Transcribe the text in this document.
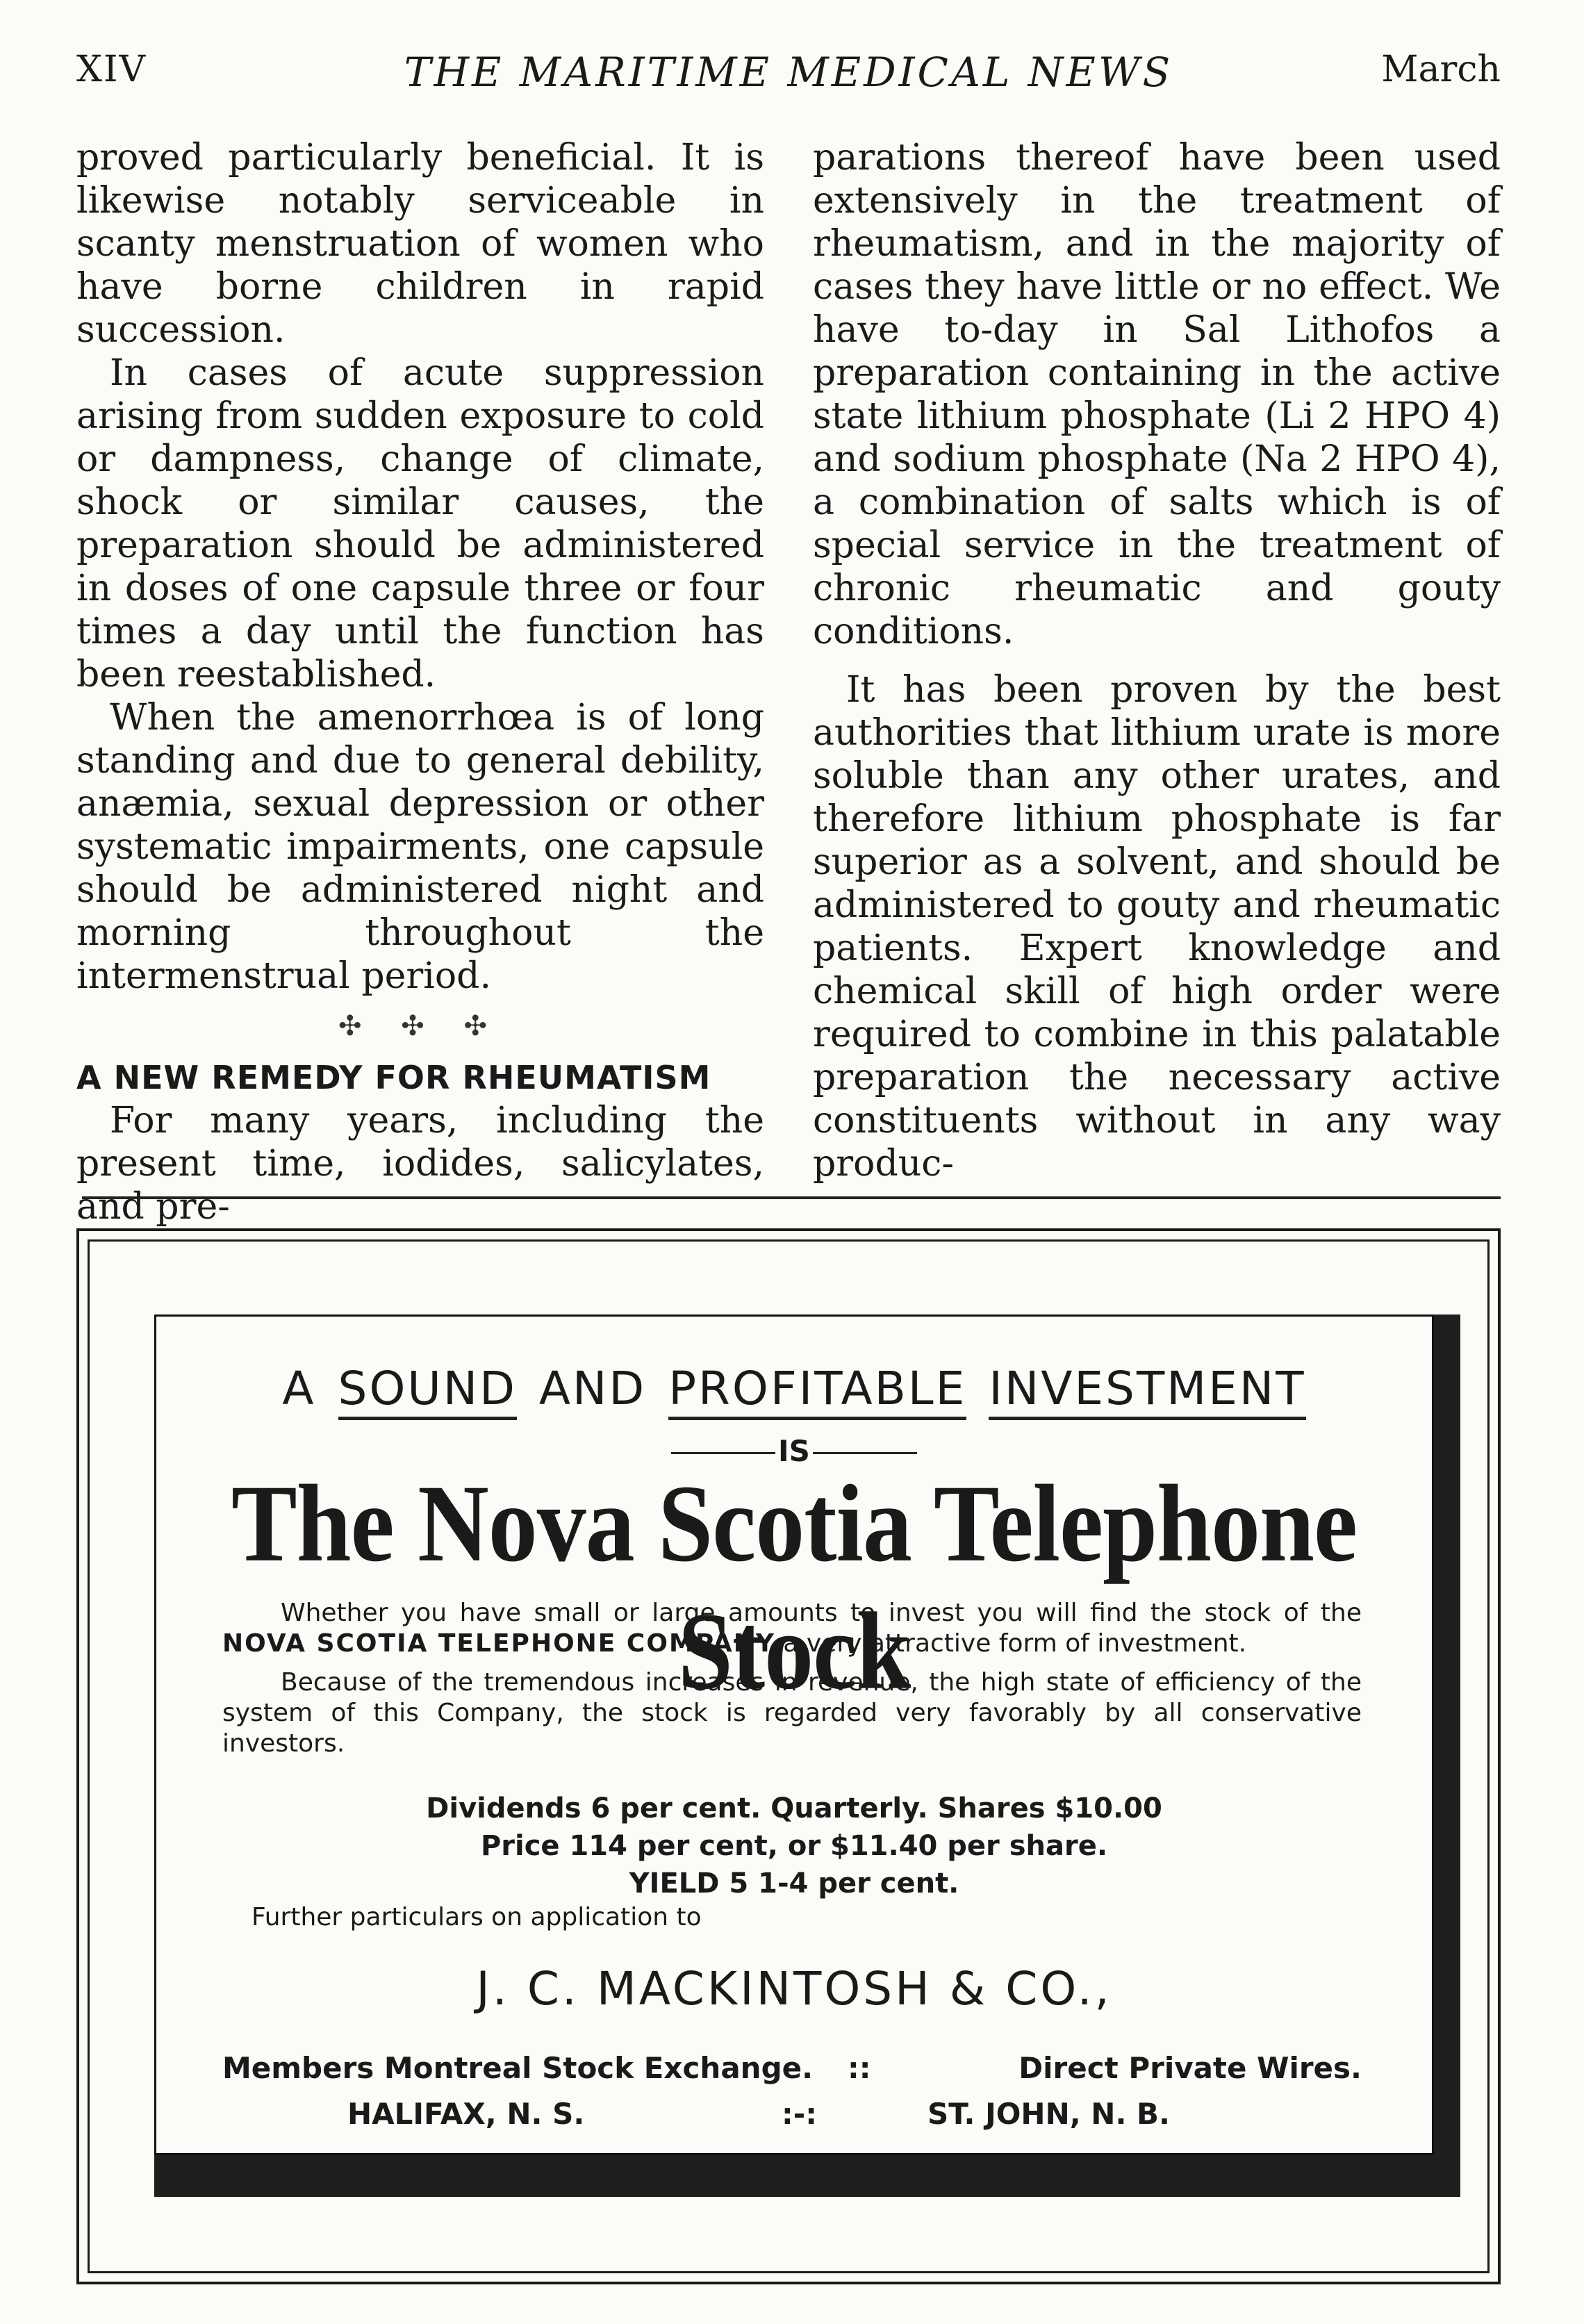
XIV	THE MARITIME MEDICAL NEWS	March

proved particularly beneficial. It is likewise notably serviceable in scanty menstruation of women who have borne children in rapid succession.

In cases of acute suppression arising from sudden exposure to cold or dampness, change of climate, shock or similar causes, the preparation should be administered in doses of one capsule three or four times a day until the function has been reestablished.

When the amenorrhœa is of long standing and due to general debility, anæmia, sexual depression or other systematic impairments, one capsule should be administered night and morning throughout the intermenstrual period.

✣ ✣ ✣

A NEW REMEDY FOR RHEUMATISM

For many years, including the present time, iodides, salicylates, and pre-

parations thereof have been used extensively in the treatment of rheumatism, and in the majority of cases they have little or no effect. We have to-day in Sal Lithofos a preparation containing in the active state lithium phosphate (Li 2 HPO 4) and sodium phosphate (Na 2 HPO 4), a combination of salts which is of special service in the treatment of chronic rheumatic and gouty conditions.

It has been proven by the best authorities that lithium urate is more soluble than any other urates, and therefore lithium phosphate is far superior as a solvent, and should be administered to gouty and rheumatic patients. Expert knowledge and chemical skill of high order were required to combine in this palatable preparation the necessary active constituents without in any way produc-

A SOUND AND PROFITABLE INVESTMENT
IS
The Nova Scotia Telephone Stock

Whether you have small or large amounts to invest you will find the stock of the NOVA SCOTIA TELEPHONE COMPANY a very attractive form of investment.

Because of the tremendous increases in revenue, the high state of efficiency of the system of this Company, the stock is regarded very favorably by all conservative investors.

Dividends 6 per cent. Quarterly. Shares $10.00
Price 114 per cent, or $11.40 per share.
YIELD 5 1-4 per cent.
Further particulars on application to
J. C. MACKINTOSH & CO.,
Members Montreal Stock Exchange. ::	Direct Private Wires.
HALIFAX, N. S.	:-:	ST. JOHN, N. B.
